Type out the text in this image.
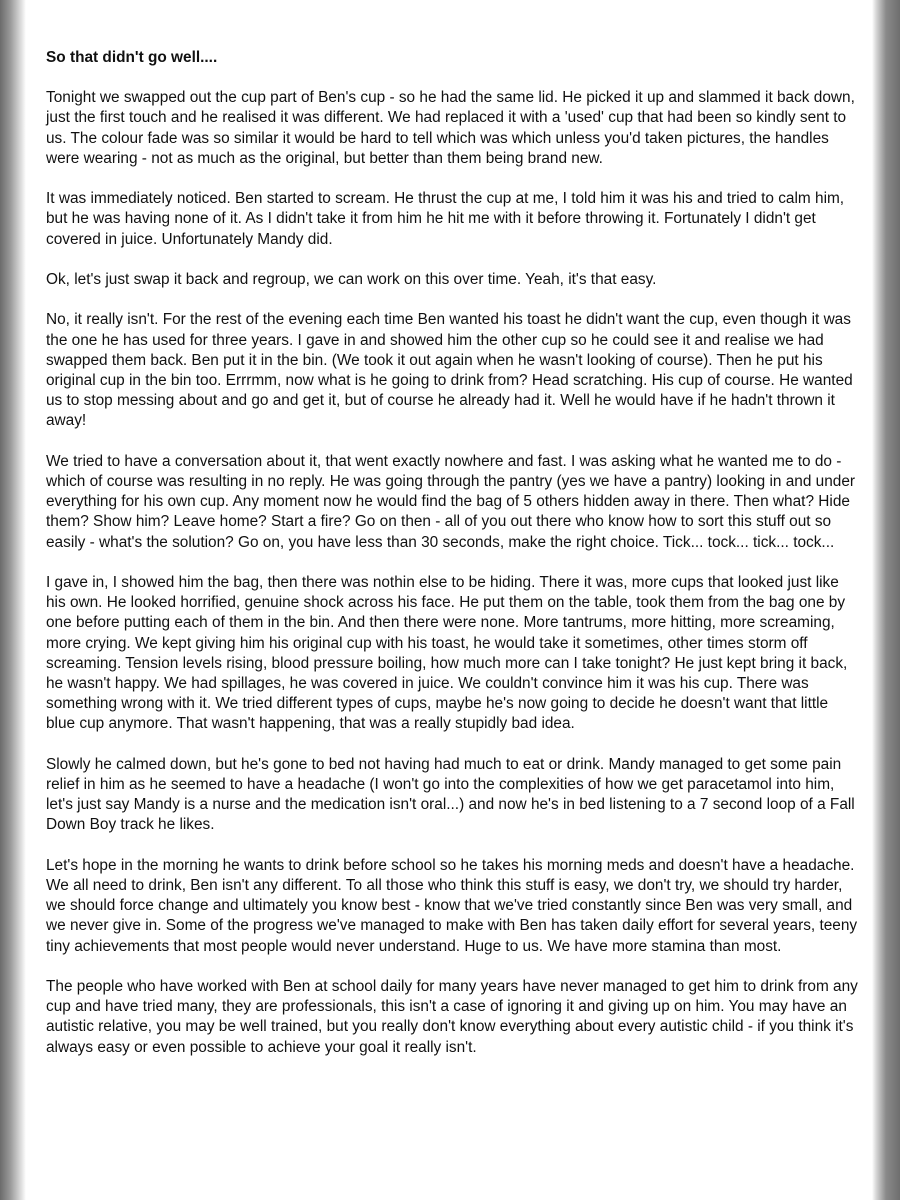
So that didn't go well....

Tonight we swapped out the cup part of Ben's cup - so he had the same lid. He picked it up and slammed it back down, just the first touch and he realised it was different. We had replaced it with a 'used' cup that had been so kindly sent to us. The colour fade was so similar it would be hard to tell which was which unless you'd taken pictures, the handles were wearing - not as much as the original, but better than them being brand new.

It was immediately noticed. Ben started to scream. He thrust the cup at me, I told him it was his and tried to calm him, but he was having none of it. As I didn't take it from him he hit me with it before throwing it. Fortunately I didn't get covered in juice. Unfortunately Mandy did.

Ok, let's just swap it back and regroup, we can work on this over time. Yeah, it's that easy.

No, it really isn't. For the rest of the evening each time Ben wanted his toast he didn't want the cup, even though it was the one he has used for three years. I gave in and showed him the other cup so he could see it and realise we had swapped them back. Ben put it in the bin. (We took it out again when he wasn't looking of course). Then he put his original cup in the bin too. Errrmm, now what is he going to drink from? Head scratching. His cup of course. He wanted us to stop messing about and go and get it, but of course he already had it. Well he would have if he hadn't thrown it away!

We tried to have a conversation about it, that went exactly nowhere and fast. I was asking what he wanted me to do - which of course was resulting in no reply. He was going through the pantry (yes we have a pantry) looking in and under everything for his own cup. Any moment now he would find the bag of 5 others hidden away in there. Then what? Hide them? Show him? Leave home? Start a fire? Go on then - all of you out there who know how to sort this stuff out so easily - what's the solution? Go on, you have less than 30 seconds, make the right choice. Tick... tock... tick... tock...

I gave in, I showed him the bag, then there was nothin else to be hiding. There it was, more cups that looked just like his own. He looked horrified, genuine shock across his face. He put them on the table, took them from the bag one by one before putting each of them in the bin. And then there were none. More tantrums, more hitting, more screaming, more crying. We kept giving him his original cup with his toast, he would take it sometimes, other times storm off screaming. Tension levels rising, blood pressure boiling, how much more can I take tonight? He just kept bring it back, he wasn't happy. We had spillages, he was covered in juice. We couldn't convince him it was his cup. There was something wrong with it. We tried different types of cups, maybe he's now going to decide he doesn't want that little blue cup anymore. That wasn't happening, that was a really stupidly bad idea.

Slowly he calmed down, but he's gone to bed not having had much to eat or drink. Mandy managed to get some pain relief in him as he seemed to have a headache (I won't go into the complexities of how we get paracetamol into him, let's just say Mandy is a nurse and the medication isn't oral...) and now he's in bed listening to a 7 second loop of a Fall Down Boy track he likes.

Let's hope in the morning he wants to drink before school so he takes his morning meds and doesn't have a headache. We all need to drink, Ben isn't any different. To all those who think this stuff is easy, we don't try, we should try harder, we should force change and ultimately you know best - know that we've tried constantly since Ben was very small, and we never give in. Some of the progress we've managed to make with Ben has taken daily effort for several years, teeny tiny achievements that most people would never understand. Huge to us. We have more stamina than most.

The people who have worked with Ben at school daily for many years have never managed to get him to drink from any cup and have tried many, they are professionals, this isn't a case of ignoring it and giving up on him. You may have an autistic relative, you may be well trained, but you really don't know everything about every autistic child - if you think it's always easy or even possible to achieve your goal it really isn't.
